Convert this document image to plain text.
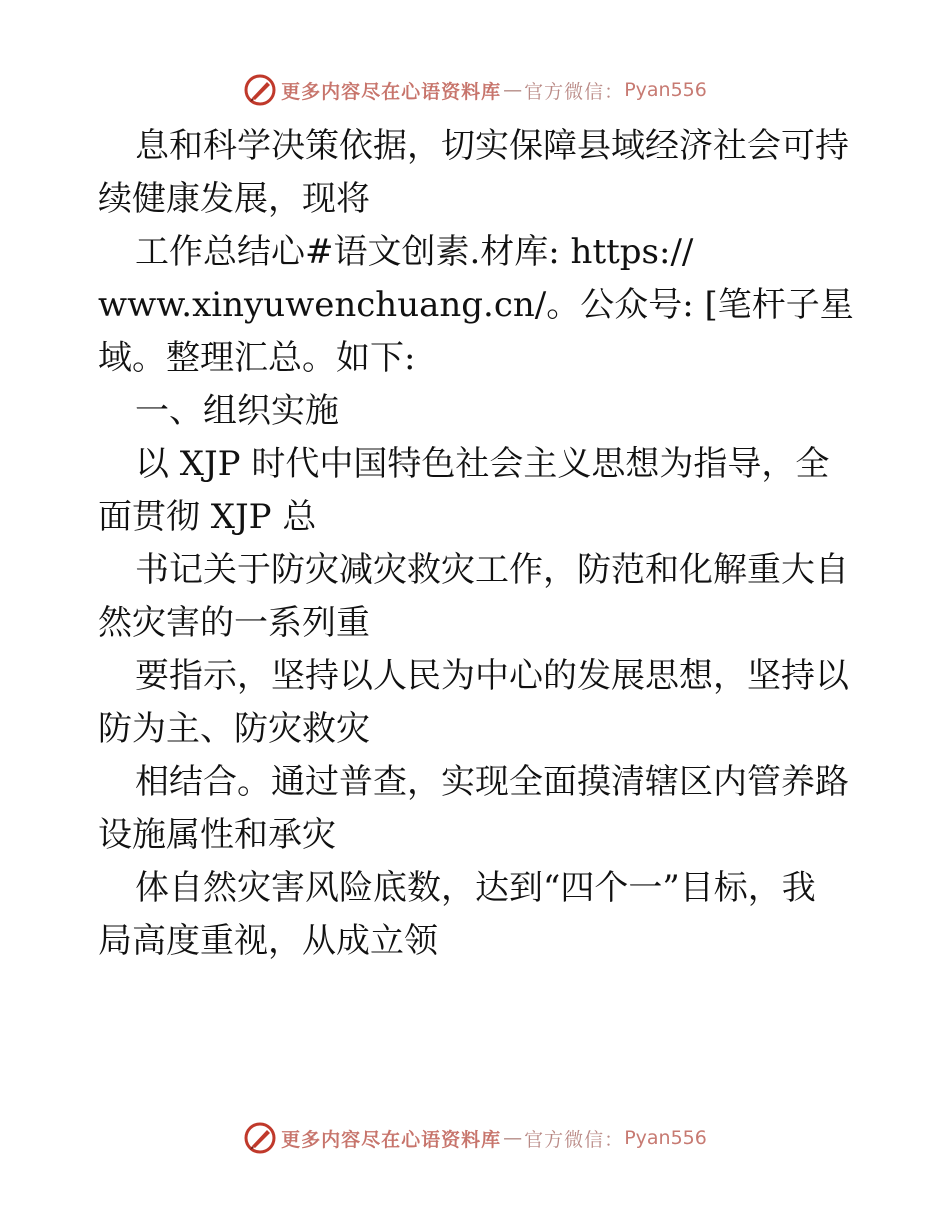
更多内容尽在心语资料库 — 官方微信： Pyan556

息和科学决策依据，切实保障县域经济社会可持
续健康发展，现将

工作总结心#语文创素.材库: https://
www.xinyuwenchuang.cn/。公众号: [笔杆子星
域。整理汇总。如下:

一、组织实施

以 XJP 时代中国特色社会主义思想为指导，全
面贯彻 XJP 总

书记关于防灾减灾救灾工作，防范和化解重大自
然灾害的一系列重

要指示，坚持以人民为中心的发展思想，坚持以
防为主、防灾救灾

相结合。通过普查，实现全面摸清辖区内管养路
设施属性和承灾

体自然灾害风险底数，达到“四个一”目标，我
局高度重视，从成立领

更多内容尽在心语资料库 — 官方微信： Pyan556
